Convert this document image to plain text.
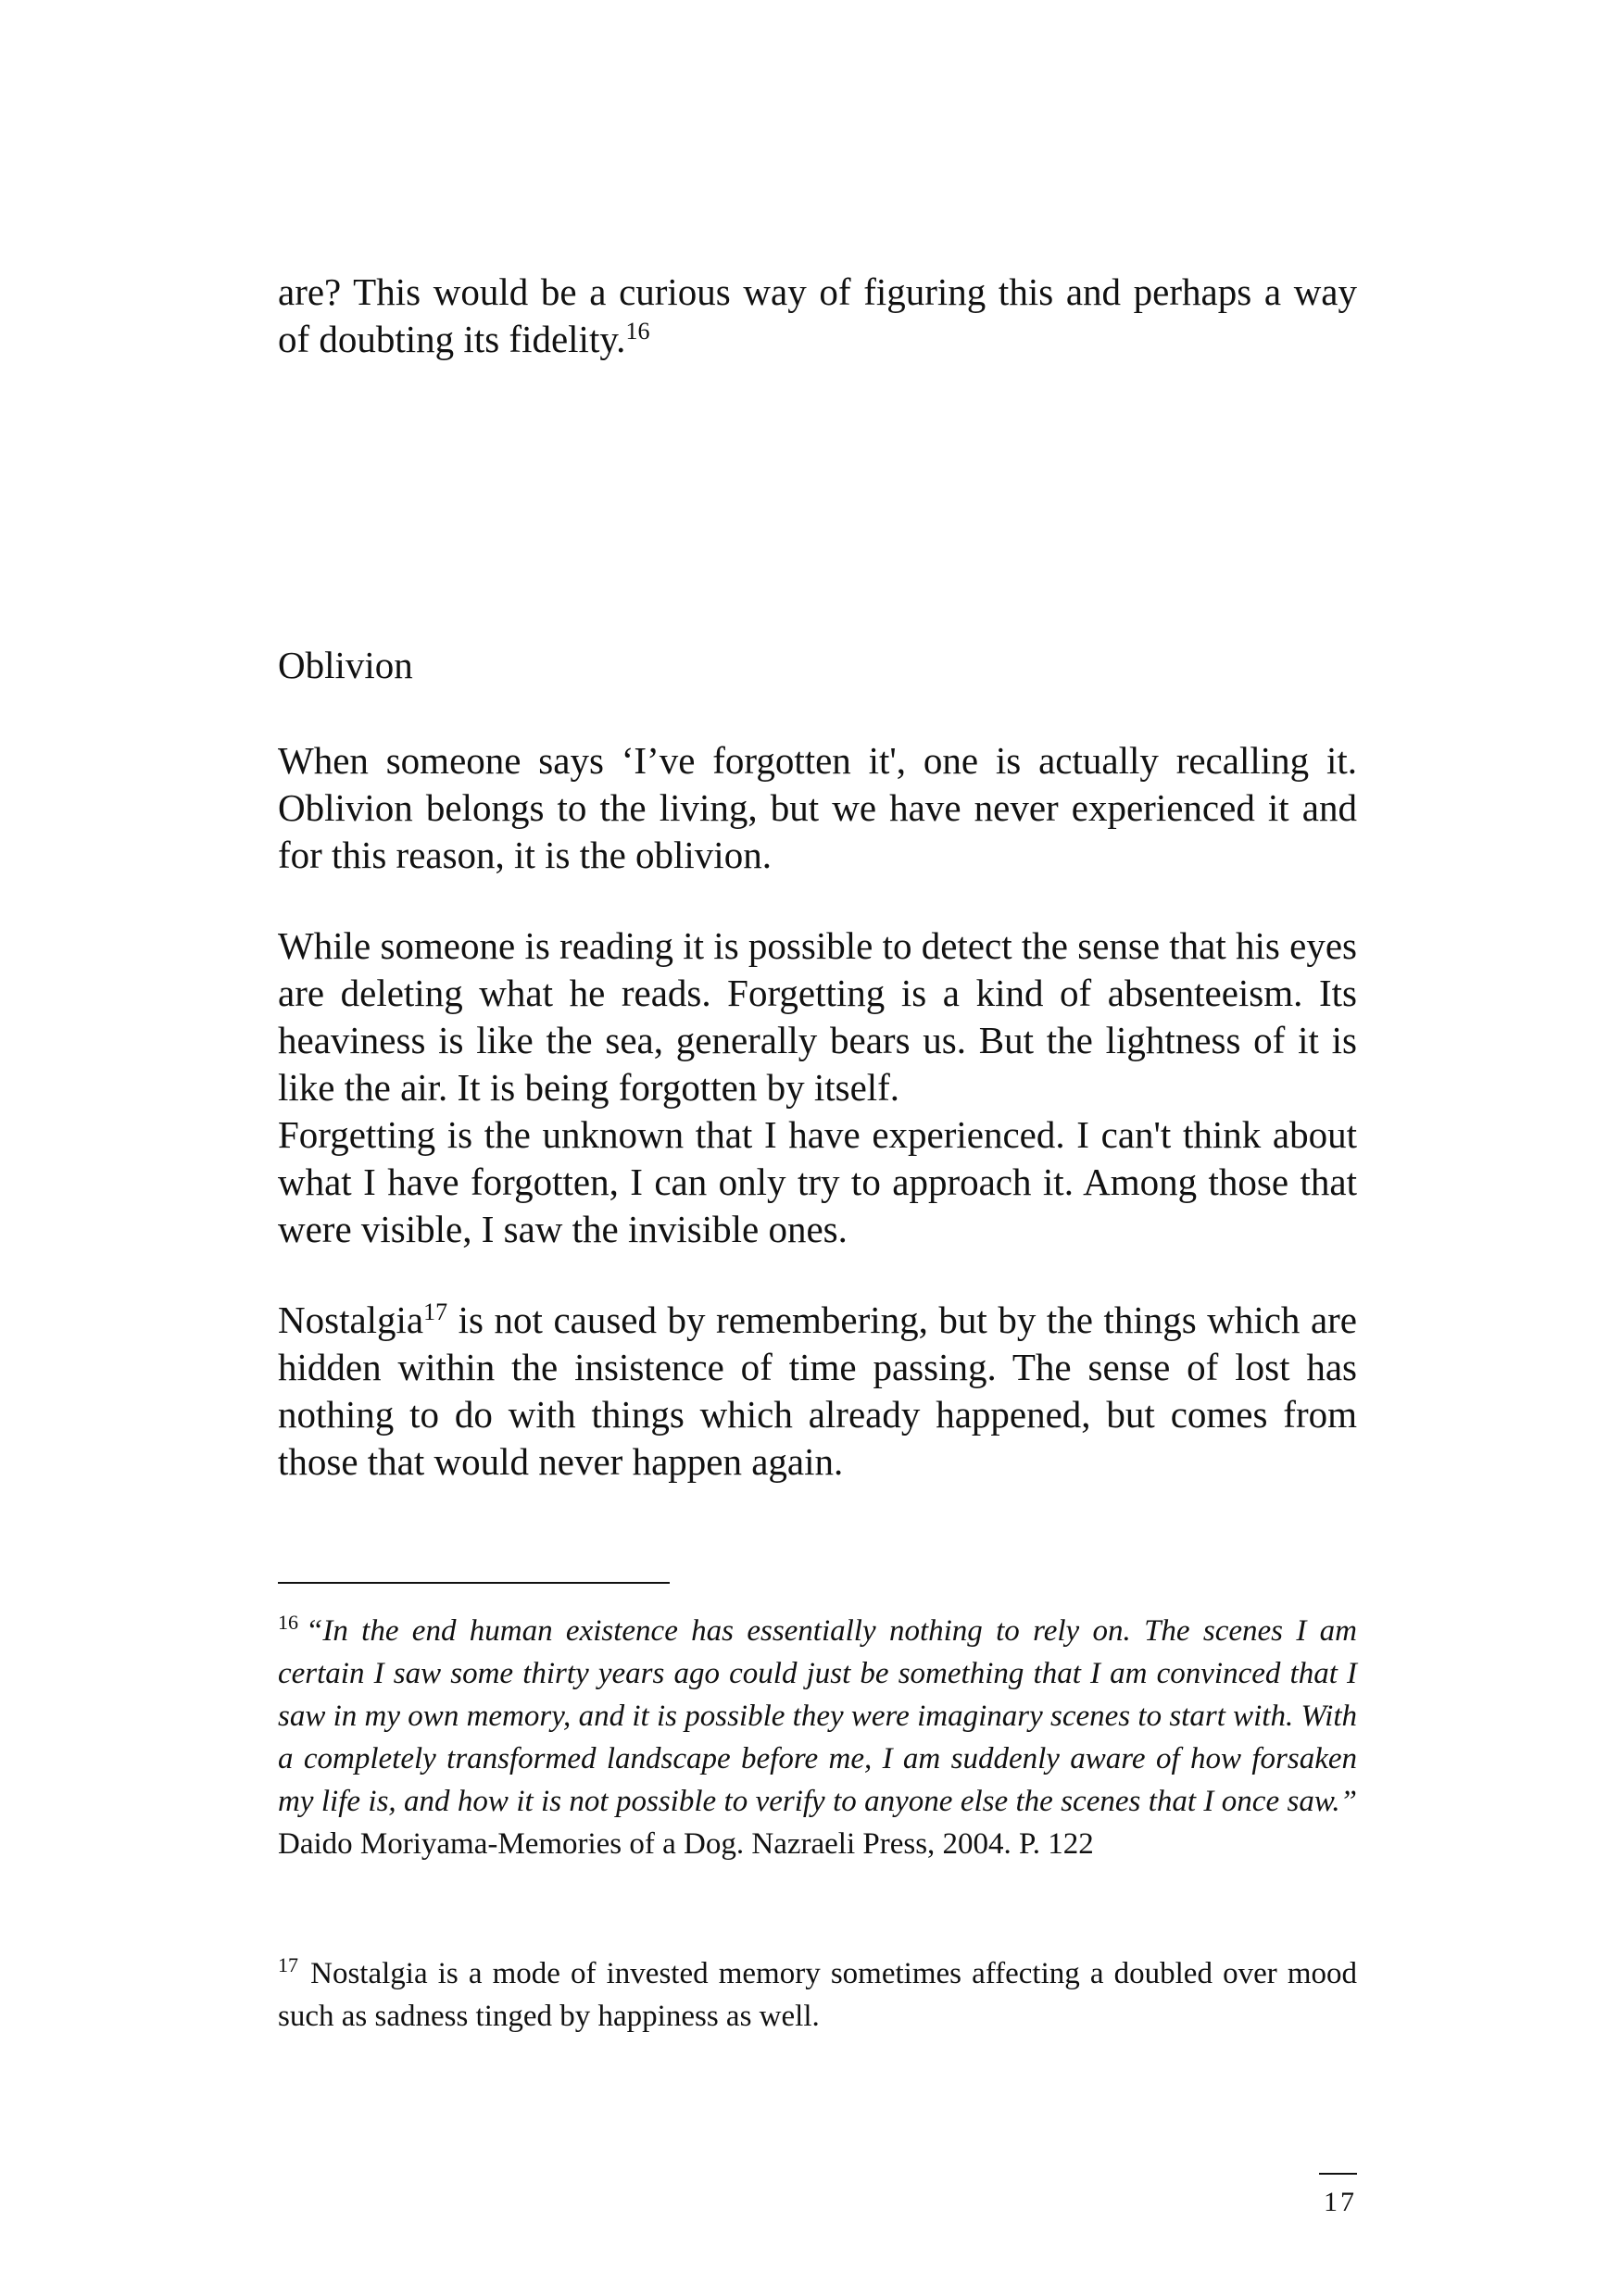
are? This would be a curious way of figuring this and perhaps a way of doubting its fidelity.$^{16}$

Oblivion

When someone says ‘I’ve forgotten it', one is actually recalling it. Oblivion belongs to the living, but we have never experienced it and for this reason, it is the oblivion.

While someone is reading it is possible to detect the sense that his eyes are deleting what he reads. Forgetting is a kind of absenteeism. Its heaviness is like the sea, generally bears us. But the lightness of it is like the air. It is being forgotten by itself.

Forgetting is the unknown that I have experienced. I can't think about what I have forgotten, I can only try to approach it. Among those that were visible, I saw the invisible ones.

Nostalgia$^{17}$ is not caused by remembering, but by the things which are hidden within the insistence of time passing. The sense of lost has nothing to do with things which already happened, but comes from those that would never happen again.

$^{16}$ “In the end human existence has essentially nothing to rely on. The scenes I am certain I saw some thirty years ago could just be something that I am convinced that I saw in my own memory, and it is possible they were imaginary scenes to start with. With a completely transformed landscape before me, I am suddenly aware of how forsaken my life is, and how it is not possible to verify to anyone else the scenes that I once saw.” Daido Moriyama-Memories of a Dog. Nazraeli Press, 2004. P. 122

$^{17}$ Nostalgia is a mode of invested memory sometimes affecting a doubled over mood such as sadness tinged by happiness as well.

17
